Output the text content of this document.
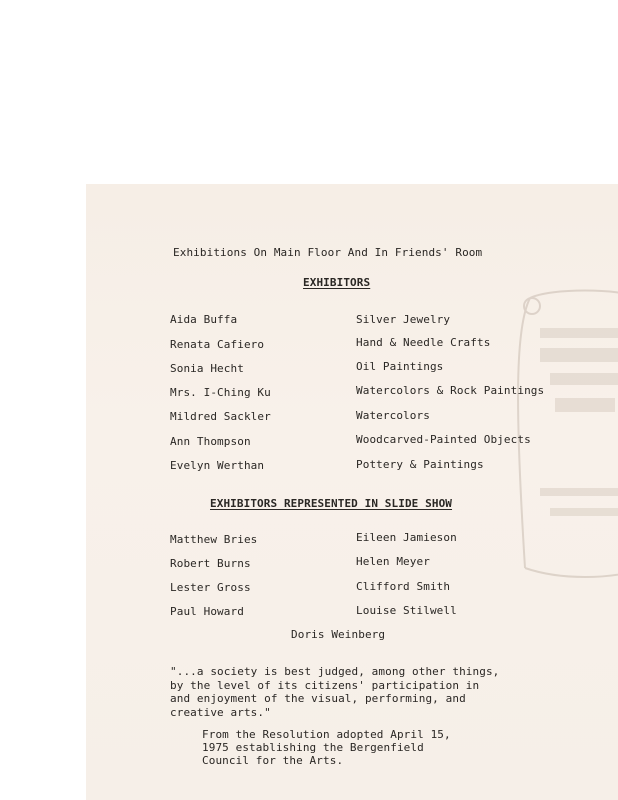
Exhibitions On Main Floor And In Friends' Room
EXHIBITORS
Aida Buffa	Silver Jewelry
Renata Cafiero	Hand & Needle Crafts
Sonia Hecht	Oil Paintings
Mrs. I-Ching Ku	Watercolors & Rock Paintings
Mildred Sackler	Watercolors
Ann Thompson	Woodcarved-Painted Objects
Evelyn Werthan	Pottery & Paintings
EXHIBITORS REPRESENTED IN SLIDE SHOW
Matthew Bries	Eileen Jamieson
Robert Burns	Helen Meyer
Lester Gross	Clifford Smith
Paul Howard	Louise Stilwell
Doris Weinberg
"...a society is best judged, among other things,
by the level of its citizens' participation in
and enjoyment of the visual, performing, and
creative arts."
From the Resolution adopted April 15,
1975 establishing the Bergenfield
Council for the Arts.
